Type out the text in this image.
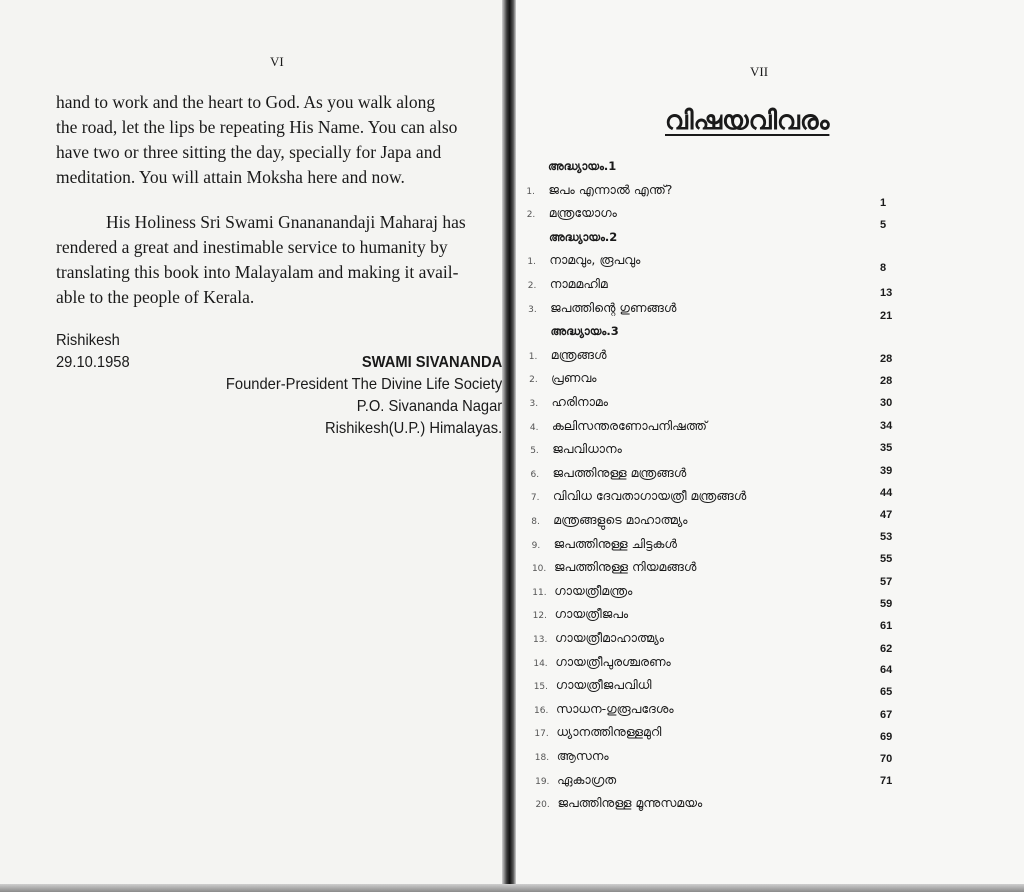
VI

hand to work and the heart to God. As you walk along

the road, let the lips be repeating His Name. You can also

have two or three sitting the day, specially for Japa and

meditation. You will attain Moksha here and now.

His Holiness Sri Swami Gnananandaji Maharaj has

rendered a great and inestimable service to humanity by

translating this book into Malayalam and making it avail-

able to the people of Kerala.

Rishikesh
29.10.1958	SWAMI SIVANANDA
Founder-President The Divine Life Society
P.O. Sivananda Nagar
Rishikesh(U.P.) Himalayas.
VII
വിഷയവിവരം
അദ്ധ്യായം.1
1. ജപം എന്നാൽ എന്ത്?
2. മന്ത്രയോഗം
അദ്ധ്യായം.2
1. നാമവും, രൂപവും
2. നാമമഹിമ
3. ജപത്തിന്റെ ഗുണങ്ങൾ
അദ്ധ്യായം.3
1. മന്ത്രങ്ങൾ
2. പ്രണവം
3. ഹരിനാമം
4. കലിസന്തരണോപനിഷത്ത്
5. ജപവിധാനം
6. ജപത്തിനുള്ള മന്ത്രങ്ങൾ
7. വിവിധ ദേവതാഗായത്രീ മന്ത്രങ്ങൾ
8. മന്ത്രങ്ങളുടെ മാഹാത്മ്യം
9. ജപത്തിനുള്ള ചിട്ടകൾ
10. ജപത്തിനുള്ള നിയമങ്ങൾ
11. ഗായത്രീമന്ത്രം
12. ഗായത്രീജപം
13. ഗായത്രീമാഹാത്മ്യം
14. ഗായത്രീപുരശ്ചരണം
15. ഗായത്രീജപവിധി
16. സാധന-ഗുരൂപദേശം
17. ധ്യാനത്തിനുള്ളമുറി
18. ആസനം
19. ഏകാഗ്രത
20. ജപത്തിനുള്ള മൂന്നുസമയം
1
5
8
13
21
28
28
30
34
35
39
44
47
53
55
57
59
61
62
64
65
67
69
70
71
